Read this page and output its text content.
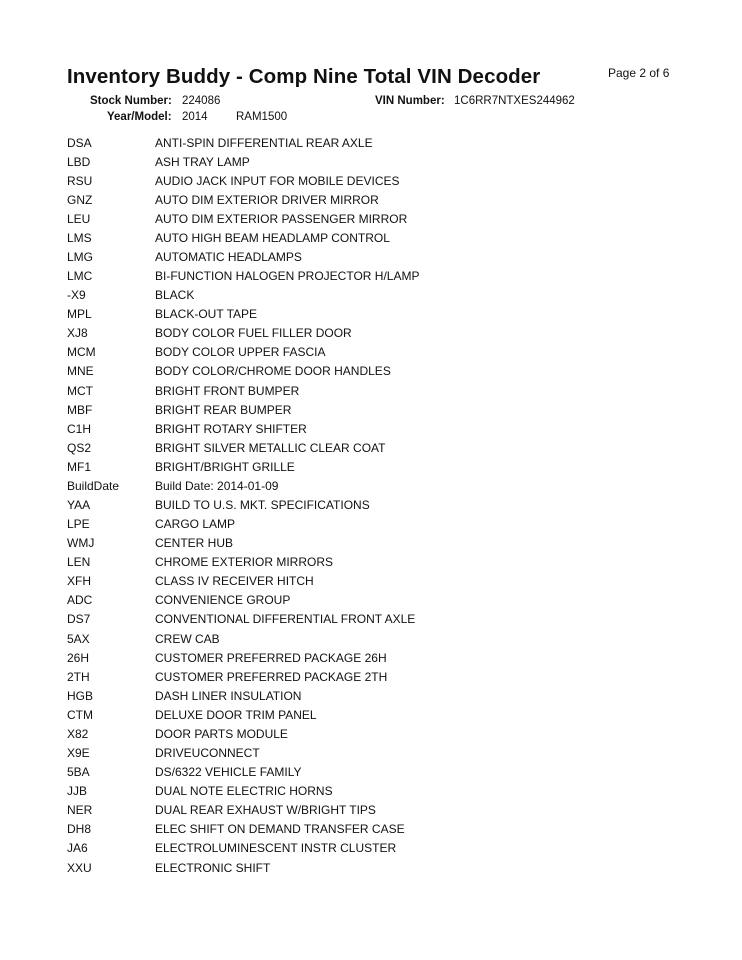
Inventory Buddy - Comp Nine Total VIN Decoder	Page 2 of 6
Stock Number: 224086	VIN Number: 1C6RR7NTXES244962
Year/Model: 2014 RAM1500
DSA	ANTI-SPIN DIFFERENTIAL REAR AXLE
LBD	ASH TRAY LAMP
RSU	AUDIO JACK INPUT FOR MOBILE DEVICES
GNZ	AUTO DIM EXTERIOR DRIVER MIRROR
LEU	AUTO DIM EXTERIOR PASSENGER MIRROR
LMS	AUTO HIGH BEAM HEADLAMP CONTROL
LMG	AUTOMATIC HEADLAMPS
LMC	BI-FUNCTION HALOGEN PROJECTOR H/LAMP
-X9	BLACK
MPL	BLACK-OUT TAPE
XJ8	BODY COLOR FUEL FILLER DOOR
MCM	BODY COLOR UPPER FASCIA
MNE	BODY COLOR/CHROME DOOR HANDLES
MCT	BRIGHT FRONT BUMPER
MBF	BRIGHT REAR BUMPER
C1H	BRIGHT ROTARY SHIFTER
QS2	BRIGHT SILVER METALLIC CLEAR COAT
MF1	BRIGHT/BRIGHT GRILLE
BuildDate	Build Date: 2014-01-09
YAA	BUILD TO U.S. MKT. SPECIFICATIONS
LPE	CARGO LAMP
WMJ	CENTER HUB
LEN	CHROME EXTERIOR MIRRORS
XFH	CLASS IV RECEIVER HITCH
ADC	CONVENIENCE GROUP
DS7	CONVENTIONAL DIFFERENTIAL FRONT AXLE
5AX	CREW CAB
26H	CUSTOMER PREFERRED PACKAGE 26H
2TH	CUSTOMER PREFERRED PACKAGE 2TH
HGB	DASH LINER INSULATION
CTM	DELUXE DOOR TRIM PANEL
X82	DOOR PARTS MODULE
X9E	DRIVEUCONNECT
5BA	DS/6322 VEHICLE FAMILY
JJB	DUAL NOTE ELECTRIC HORNS
NER	DUAL REAR EXHAUST W/BRIGHT TIPS
DH8	ELEC SHIFT ON DEMAND TRANSFER CASE
JA6	ELECTROLUMINESCENT INSTR CLUSTER
XXU	ELECTRONIC SHIFT
